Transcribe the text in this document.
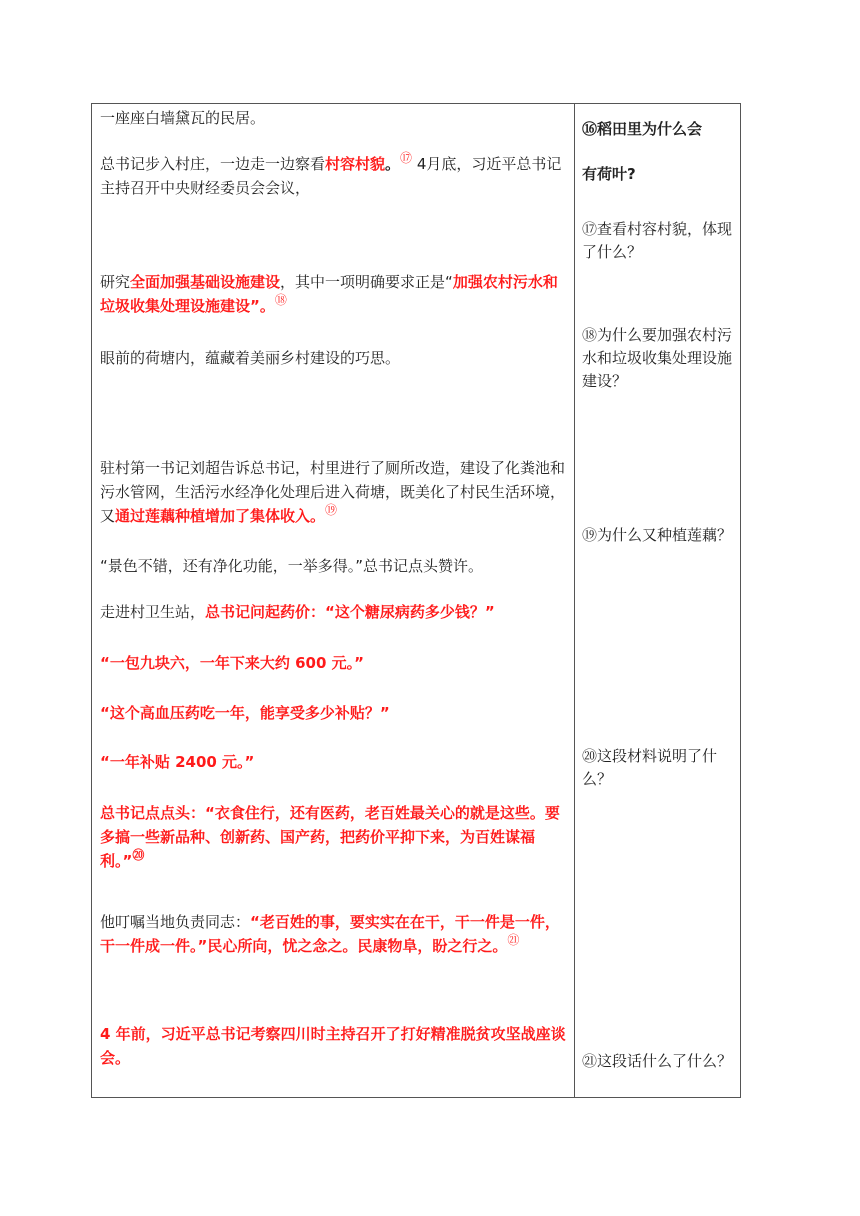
一座座白墙黛瓦的民居。

总书记步入村庄，一边走一边察看村容村貌。⑰ 4月底，习近平总书记主持召开中央财经委员会会议，

研究全面加强基础设施建设，其中一项明确要求正是“加强农村污水和垃圾收集处理设施建设”。⑱

眼前的荷塘内，蕴藏着美丽乡村建设的巧思。

驻村第一书记刘超告诉总书记，村里进行了厕所改造，建设了化粪池和污水管网，生活污水经净化处理后进入荷塘，既美化了村民生活环境，又通过莲藕种植增加了集体收入。⑲

“景色不错，还有净化功能，一举多得。”总书记点头赞许。

走进村卫生站，总书记问起药价：“这个糖尿病药多少钱？”

“一包九块六，一年下来大约 600 元。”

“这个高血压药吃一年，能享受多少补贴？”

“一年补贴 2400 元。”

总书记点点头：“衣食住行，还有医药，老百姓最关心的就是这些。要多搞一些新品种、创新药、国产药，把药价平抑下来，为百姓谋福利。”⑳

他叮嘱当地负责同志：“老百姓的事，要实实在在干，干一件是一件，干一件成一件。”民心所向，忧之念之。民康物阜，盼之行之。$^㉑$

4 年前，习近平总书记考察四川时主持召开了打好精准脱贫攻坚战座谈会。

⑯稻田里为什么会

有荷叶?

⑰查看村容村貌，体现了什么？

⑱为什么要加强农村污水和垃圾收集处理设施建设？

⑲为什么又种植莲藕？

⑳这段材料说明了什么？

㉑这段话什么了什么？
